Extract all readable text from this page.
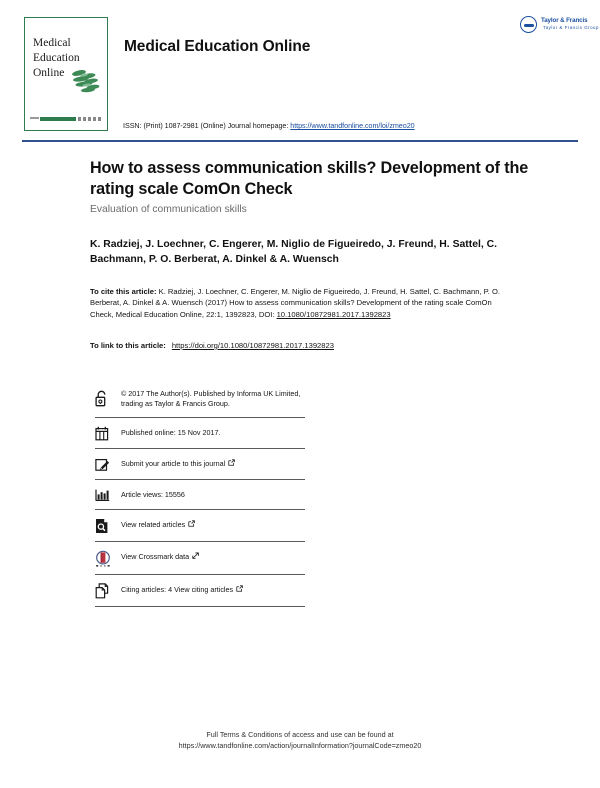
Medical
Education
Online
Medical Education Online
ISSN: (Print) 1087-2981 (Online) Journal homepage: https://www.tandfonline.com/loi/zmeo20
Taylor & Francis
Taylor & Francis Group
How to assess communication skills? Development of the rating scale ComOn Check
Evaluation of communication skills
K. Radziej, J. Loechner, C. Engerer, M. Niglio de Figueiredo, J. Freund, H. Sattel, C. Bachmann, P. O. Berberat, A. Dinkel & A. Wuensch
To cite this article: K. Radziej, J. Loechner, C. Engerer, M. Niglio de Figueiredo, J. Freund, H. Sattel, C. Bachmann, P. O. Berberat, A. Dinkel & A. Wuensch (2017) How to assess communication skills? Development of the rating scale ComOn Check, Medical Education Online, 22:1, 1392823, DOI: 10.1080/10872981.2017.1392823
To link to this article: https://doi.org/10.1080/10872981.2017.1392823
© 2017 The Author(s). Published by Informa UK Limited, trading as Taylor & Francis Group.
Published online: 15 Nov 2017.
Submit your article to this journal
Article views: 15556
View related articles
View Crossmark data
Citing articles: 4 View citing articles
Full Terms & Conditions of access and use can be found at
https://www.tandfonline.com/action/journalInformation?journalCode=zmeo20
